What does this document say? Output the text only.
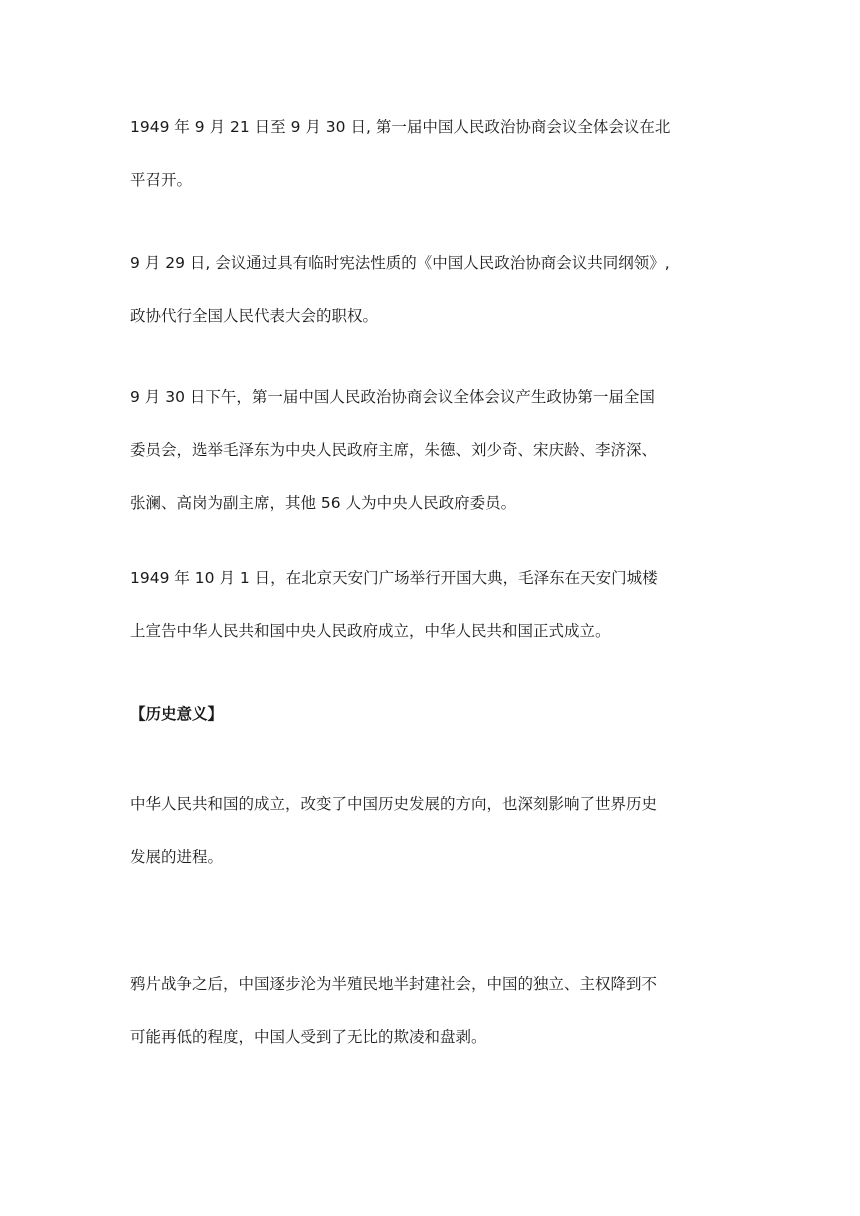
1949 年 9 月 21 日至 9 月 30 日, 第一届中国人民政治协商会议全体会议在北
平召开。

9 月 29 日, 会议通过具有临时宪法性质的《中国人民政治协商会议共同纲领》,
政协代行全国人民代表大会的职权。

9 月 30 日下午，第一届中国人民政治协商会议全体会议产生政协第一届全国
委员会，选举毛泽东为中央人民政府主席，朱德、刘少奇、宋庆龄、李济深、
张澜、高岗为副主席，其他 56 人为中央人民政府委员。

1949 年 10 月 1 日，在北京天安门广场举行开国大典，毛泽东在天安门城楼
上宣告中华人民共和国中央人民政府成立，中华人民共和国正式成立。

【历史意义】

中华人民共和国的成立，改变了中国历史发展的方向，也深刻影响了世界历史
发展的进程。

鸦片战争之后，中国逐步沦为半殖民地半封建社会，中国的独立、主权降到不
可能再低的程度，中国人受到了无比的欺凌和盘剥。
